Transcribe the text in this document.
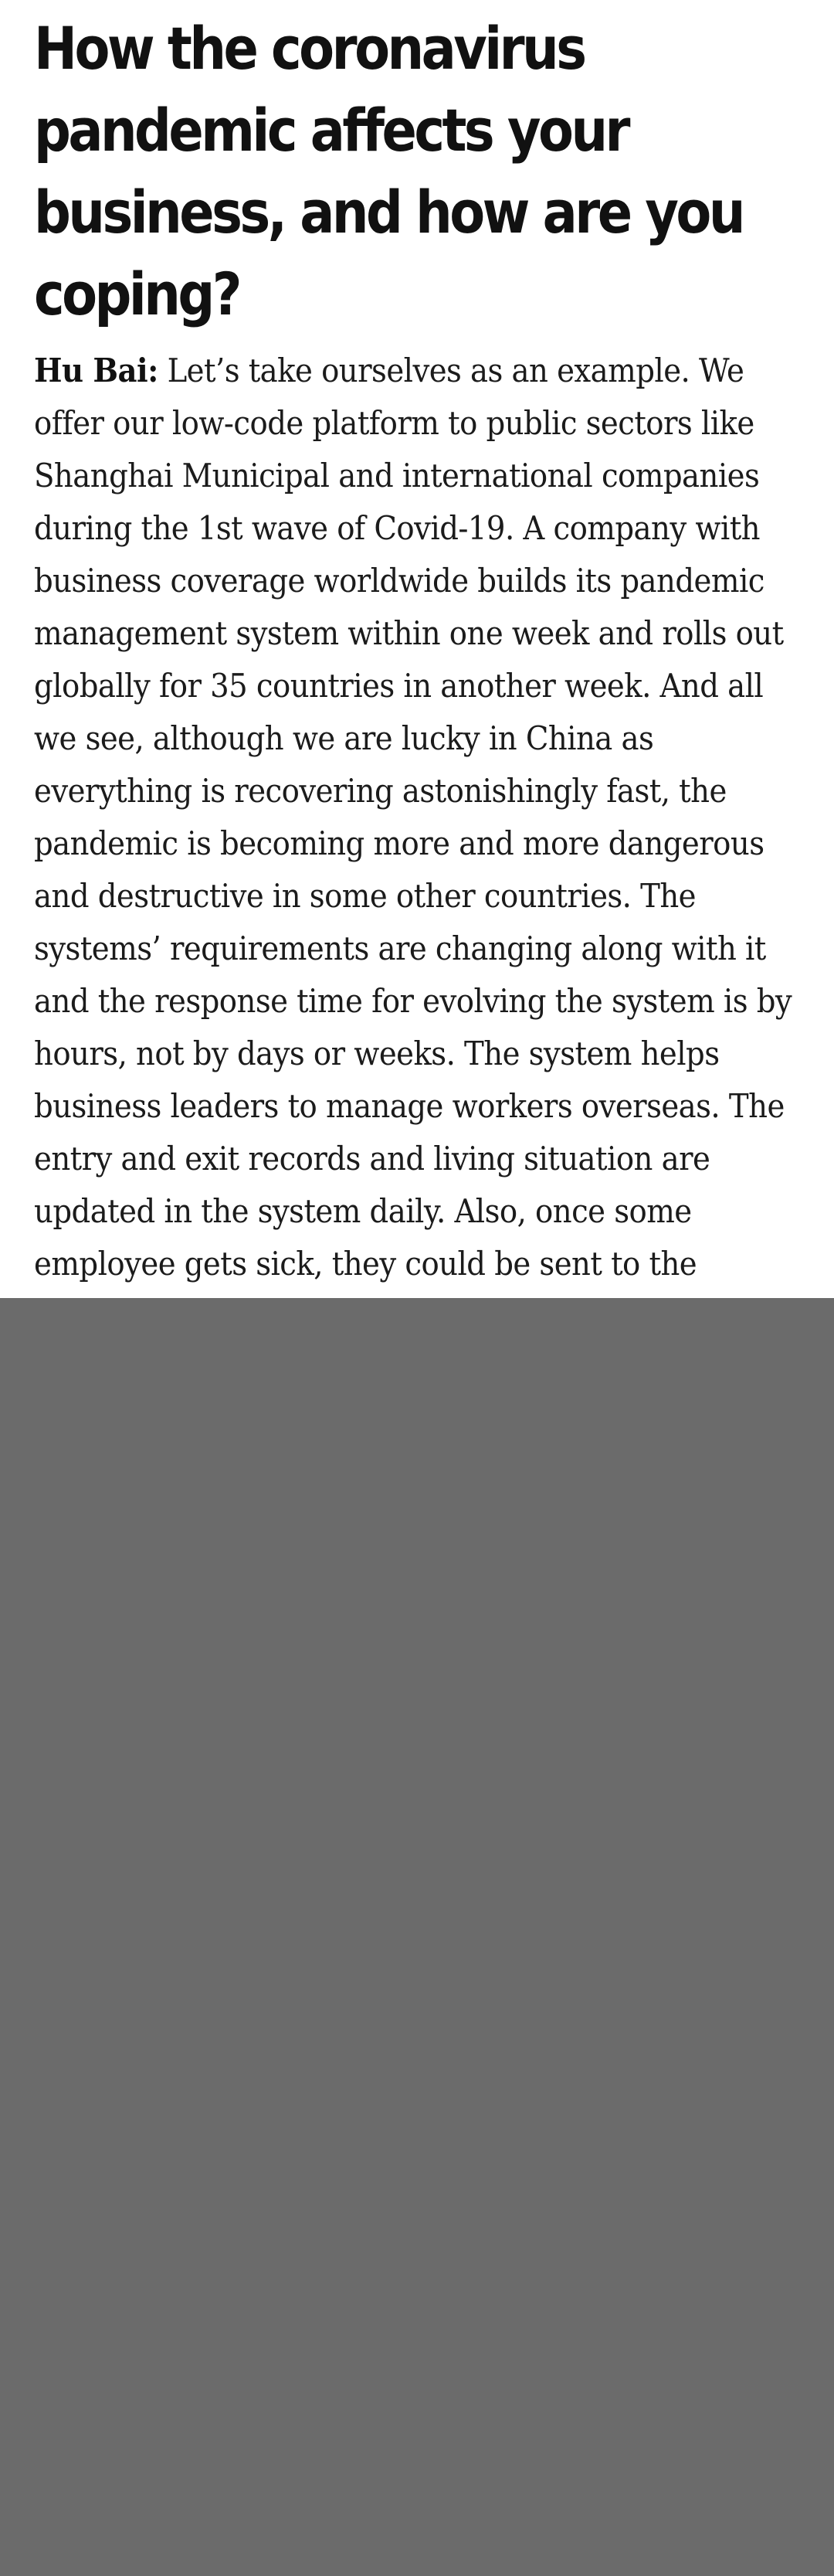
How the coronavirus pandemic affects your business, and how are you coping?

Hu Bai: Let’s take ourselves as an example. We offer our low-code platform to public sectors like Shanghai Municipal and international companies during the 1st wave of Covid-19. A company with business coverage worldwide builds its pandemic management system within one week and rolls out globally for 35 countries in another week. And all we see, although we are lucky in China as everything is recovering astonishingly fast, the pandemic is becoming more and more dangerous and destructive in some other countries. The systems’ requirements are changing along with it and the response time for evolving the system is by hours, not by days or weeks. The system helps business leaders to manage workers overseas. The entry and exit records and living situation are updated in the system daily. Also, once some employee gets sick, they could be sent to the
